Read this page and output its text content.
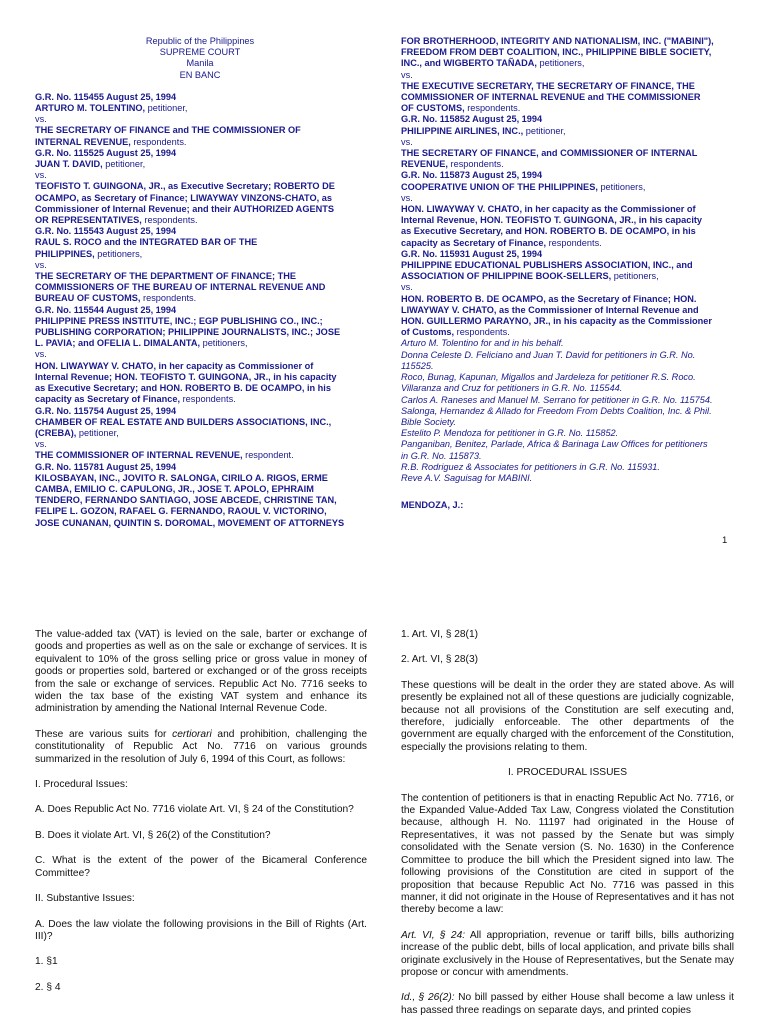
Republic of the Philippines
SUPREME COURT
Manila
EN BANC
G.R. No. 115455 August 25, 1994
ARTURO M. TOLENTINO, petitioner,
vs.
THE SECRETARY OF FINANCE and THE COMMISSIONER OF
INTERNAL REVENUE, respondents.
G.R. No. 115525 August 25, 1994
JUAN T. DAVID, petitioner,
vs.
TEOFISTO T. GUINGONA, JR., as Executive Secretary; ROBERTO DE
OCAMPO, as Secretary of Finance; LIWAYWAY VINZONS-CHATO, as
Commissioner of Internal Revenue; and their AUTHORIZED AGENTS
OR REPRESENTATIVES, respondents.
G.R. No. 115543 August 25, 1994
RAUL S. ROCO and the INTEGRATED BAR OF THE
PHILIPPINES, petitioners,
vs.
THE SECRETARY OF THE DEPARTMENT OF FINANCE; THE
COMMISSIONERS OF THE BUREAU OF INTERNAL REVENUE AND
BUREAU OF CUSTOMS, respondents.
G.R. No. 115544 August 25, 1994
PHILIPPINE PRESS INSTITUTE, INC.; EGP PUBLISHING CO., INC.;
PUBLISHING CORPORATION; PHILIPPINE JOURNALISTS, INC.; JOSE
L. PAVIA; and OFELIA L. DIMALANTA, petitioners,
vs.
HON. LIWAYWAY V. CHATO, in her capacity as Commissioner of
Internal Revenue; HON. TEOFISTO T. GUINGONA, JR., in his capacity
as Executive Secretary; and HON. ROBERTO B. DE OCAMPO, in his
capacity as Secretary of Finance, respondents.
G.R. No. 115754 August 25, 1994
CHAMBER OF REAL ESTATE AND BUILDERS ASSOCIATIONS, INC.,
(CREBA), petitioner,
vs.
THE COMMISSIONER OF INTERNAL REVENUE, respondent.
G.R. No. 115781 August 25, 1994
KILOSBAYAN, INC., JOVITO R. SALONGA, CIRILO A. RIGOS, ERME
CAMBA, EMILIO C. CAPULONG, JR., JOSE T. APOLO, EPHRAIM
TENDERO, FERNANDO SANTIAGO, JOSE ABCEDE, CHRISTINE TAN,
FELIPE L. GOZON, RAFAEL G. FERNANDO, RAOUL V. VICTORINO,
JOSE CUNANAN, QUINTIN S. DOROMAL, MOVEMENT OF ATTORNEYS
FOR BROTHERHOOD, INTEGRITY AND NATIONALISM, INC. ("MABINI"),
FREEDOM FROM DEBT COALITION, INC., PHILIPPINE BIBLE SOCIETY,
INC., and WIGBERTO TAÑADA, petitioners,
vs.
THE EXECUTIVE SECRETARY, THE SECRETARY OF FINANCE, THE
COMMISSIONER OF INTERNAL REVENUE and THE COMMISSIONER
OF CUSTOMS, respondents.
G.R. No. 115852 August 25, 1994
PHILIPPINE AIRLINES, INC., petitioner,
vs.
THE SECRETARY OF FINANCE, and COMMISSIONER OF INTERNAL
REVENUE, respondents.
G.R. No. 115873 August 25, 1994
COOPERATIVE UNION OF THE PHILIPPINES, petitioners,
vs.
HON. LIWAYWAY V. CHATO, in her capacity as the Commissioner of
Internal Revenue, HON. TEOFISTO T. GUINGONA, JR., in his capacity
as Executive Secretary, and HON. ROBERTO B. DE OCAMPO, in his
capacity as Secretary of Finance, respondents.
G.R. No. 115931 August 25, 1994
PHILIPPINE EDUCATIONAL PUBLISHERS ASSOCIATION, INC., and
ASSOCIATION OF PHILIPPINE BOOK-SELLERS, petitioners,
vs.
HON. ROBERTO B. DE OCAMPO, as the Secretary of Finance; HON.
LIWAYWAY V. CHATO, as the Commissioner of Internal Revenue and
HON. GUILLERMO PARAYNO, JR., in his capacity as the Commissioner
of Customs, respondents.
Arturo M. Tolentino for and in his behalf.
Donna Celeste D. Feliciano and Juan T. David for petitioners in G.R. No.
115525.
Roco, Bunag, Kapunan, Migallos and Jardeleza for petitioner R.S. Roco.
Villaranza and Cruz for petitioners in G.R. No. 115544.
Carlos A. Raneses and Manuel M. Serrano for petitioner in G.R. No. 115754.
Salonga, Hernandez & Allado for Freedom From Debts Coalition, Inc. & Phil.
Bible Society.
Estelito P. Mendoza for petitioner in G.R. No. 115852.
Panganiban, Benitez, Parlade, Africa & Barinaga Law Offices for petitioners
in G.R. No. 115873.
R.B. Rodriguez & Associates for petitioners in G.R. No. 115931.
Reve A.V. Saguisag for MABINI.
MENDOZA, J.:
1

The value-added tax (VAT) is levied on the sale, barter or exchange of goods and properties as well as on the sale or exchange of services. It is equivalent to 10% of the gross selling price or gross value in money of goods or properties sold, bartered or exchanged or of the gross receipts from the sale or exchange of services. Republic Act No. 7716 seeks to widen the tax base of the existing VAT system and enhance its administration by amending the National Internal Revenue Code.

These are various suits for certiorari and prohibition, challenging the constitutionality of Republic Act No. 7716 on various grounds summarized in the resolution of July 6, 1994 of this Court, as follows:

I. Procedural Issues:

A. Does Republic Act No. 7716 violate Art. VI, § 24 of the Constitution?

B. Does it violate Art. VI, § 26(2) of the Constitution?

C. What is the extent of the power of the Bicameral Conference Committee?

II. Substantive Issues:

A. Does the law violate the following provisions in the Bill of Rights (Art. III)?

1. §1

2. § 4

1. Art. VI, § 28(1)

2. Art. VI, § 28(3)

These questions will be dealt in the order they are stated above. As will presently be explained not all of these questions are judicially cognizable, because not all provisions of the Constitution are self executing and, therefore, judicially enforceable. The other departments of the government are equally charged with the enforcement of the Constitution, especially the provisions relating to them.

I. PROCEDURAL ISSUES

The contention of petitioners is that in enacting Republic Act No. 7716, or the Expanded Value-Added Tax Law, Congress violated the Constitution because, although H. No. 11197 had originated in the House of Representatives, it was not passed by the Senate but was simply consolidated with the Senate version (S. No. 1630) in the Conference Committee to produce the bill which the President signed into law. The following provisions of the Constitution are cited in support of the proposition that because Republic Act No. 7716 was passed in this manner, it did not originate in the House of Representatives and it has not thereby become a law:

Art. VI, § 24: All appropriation, revenue or tariff bills, bills authorizing increase of the public debt, bills of local application, and private bills shall originate exclusively in the House of Representatives, but the Senate may propose or concur with amendments.

Id., § 26(2): No bill passed by either House shall become a law unless it has passed three readings on separate days, and printed copies
